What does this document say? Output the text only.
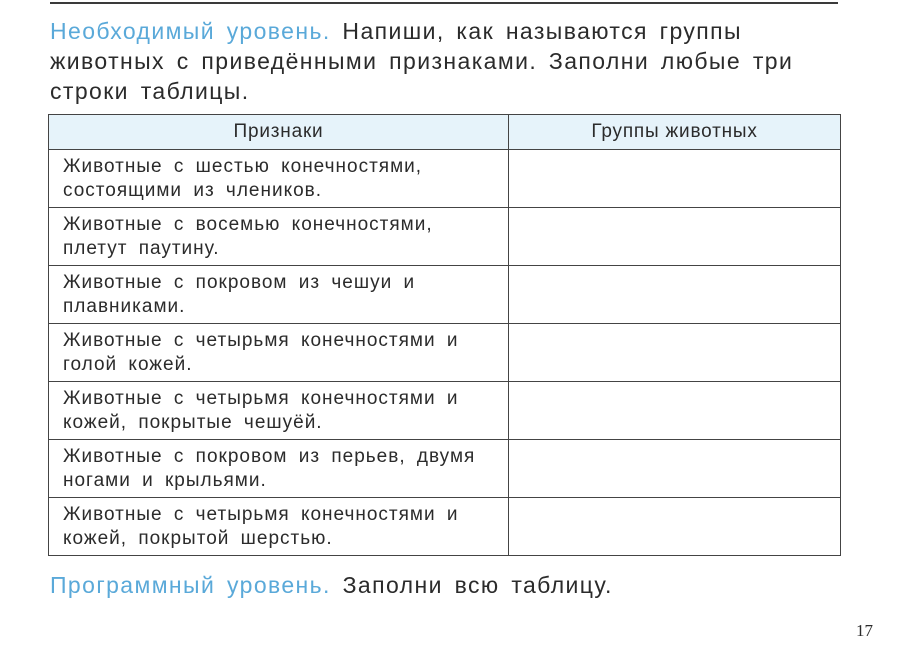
Необходимый уровень. Напиши, как называются группы животных с приведёнными признаками. Заполни любые три строки таблицы.

Признаки	Группы животных

Животные с шестью конечностями, состоящими из члеников.	

Животные с восемью конечностями, плетут паутину.	

Животные с покровом из чешуи и плавниками.	

Животные с четырьмя конечностями и голой кожей.	

Животные с четырьмя конечностями и кожей, покрытые чешуёй.	

Животные с покровом из перьев, двумя ногами и крыльями.	

Животные с четырьмя конечностями и кожей, покрытой шерстью.	

Программный уровень. Заполни всю таблицу.

17
